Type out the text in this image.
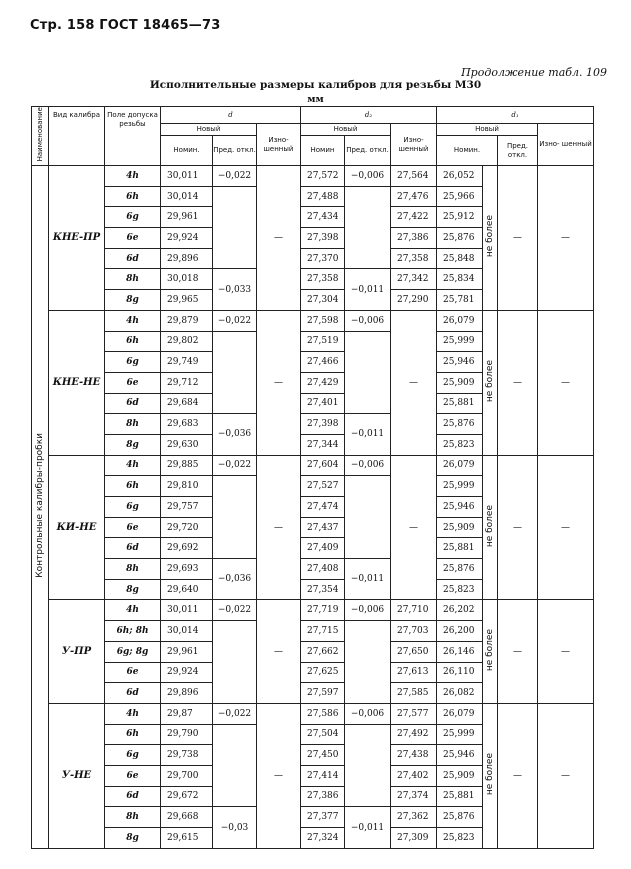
Стр. 158 ГОСТ 18465—73
Продолжение табл. 109
Исполнительные размеры калибров для резьбы М30
мм
Наименование	Вид калибра	Поле допуска резьбы	d			d₂			d₁			
			Новый		Изно- шенный	Новый		Изно- шенный	Новый			Изно- шенный
			Номин.	Пред. откл.		Номин	Пред. откл.		Номин.		Пред. откл.	
Контрольные калибры-пробки	КНЕ-ПР	4h	30,011	−0,022	—	27,572	−0,006	27,564	26,052	не более	—	—
		6h	30,014			27,488		27,476	25,966			
		6g	29,961			27,434		27,422	25,912			
		6e	29,924			27,398		27,386	25,876			
		6d	29,896			27,370		27,358	25,848			
		8h	30,018	−0,033		27,358	−0,011	27,342	25,834			
		8g	29,965			27,304		27,290	25,781			
	КНЕ-НЕ	4h	29,879	−0,022	—	27,598	−0,006	—	26,079	не более	—	—
		6h	29,802			27,519			25,999			
		6g	29,749			27,466			25,946			
		6e	29,712			27,429			25,909			
		6d	29,684			27,401			25,881			
		8h	29,683	−0,036		27,398	−0,011		25,876			
		8g	29,630			27,344			25,823			
	КИ-НЕ	4h	29,885	−0,022	—	27,604	−0,006	—	26,079	не более	—	—
		6h	29,810			27,527			25,999			
		6g	29,757			27,474			25,946			
		6e	29,720			27,437			25,909			
		6d	29,692			27,409			25,881			
		8h	29,693	−0,036		27,408	−0,011		25,876			
		8g	29,640			27,354			25,823			
	У-ПР	4h	30,011	−0,022	—	27,719	−0,006	27,710	26,202	не более	—	—
		6h; 8h	30,014			27,715		27,703	26,200			
		6g; 8g	29,961			27,662		27,650	26,146			
		6e	29,924			27,625		27,613	26,110			
		6d	29,896			27,597		27,585	26,082			
	У-НЕ	4h	29,87	−0,022	—	27,586	−0,006	27,577	26,079	не более	—	—
		6h	29,790			27,504		27,492	25,999			
		6g	29,738			27,450		27,438	25,946			
		6e	29,700			27,414		27,402	25,909			
		6d	29,672			27,386		27,374	25,881			
		8h	29,668	−0,03		27,377	−0,011	27,362	25,876			
		8g	29,615			27,324		27,309	25,823			
